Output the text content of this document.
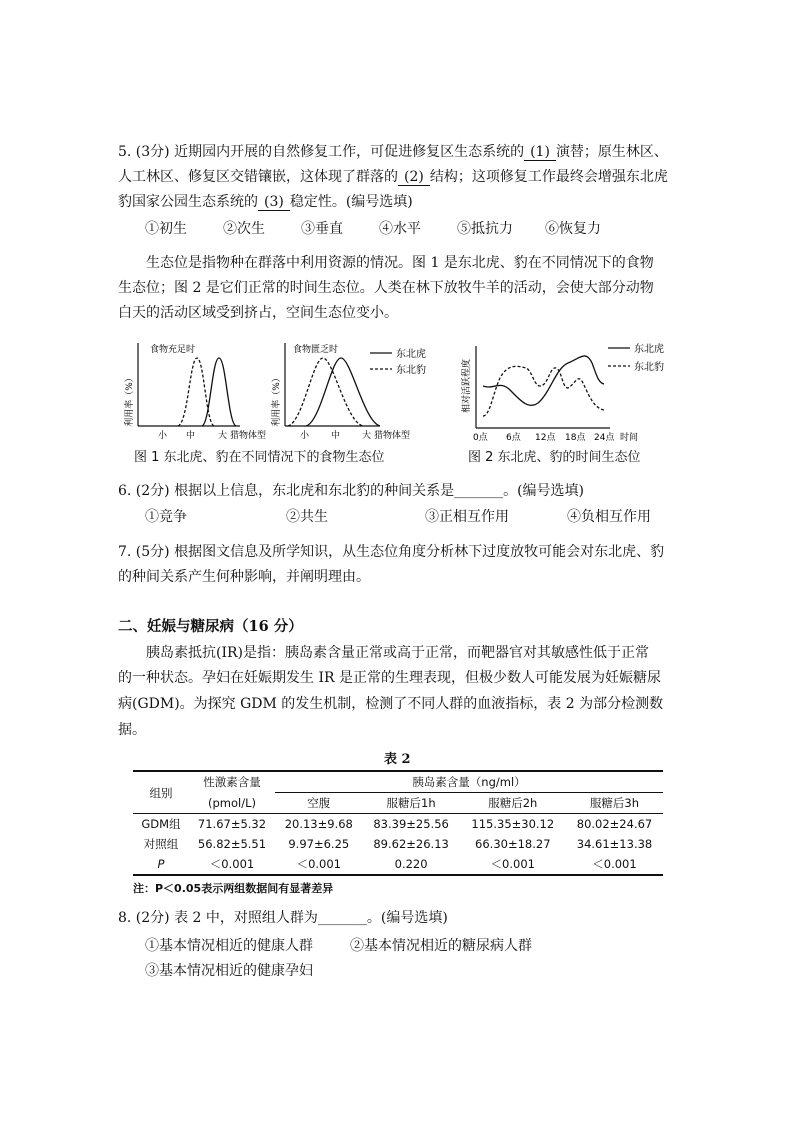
5. (3分) 近期园内开展的自然修复工作，可促进修复区生态系统的 (1) 演替；原生林区、
人工林区、修复区交错镶嵌，这体现了群落的 (2) 结构；这项修复工作最终会增强东北虎
豹国家公园生态系统的 (3) 稳定性。(编号选填)
①初生	②次生	③垂直	④水平	⑤抵抗力 ⑥恢复力
生态位是指物种在群落中利用资源的情况。图 1 是东北虎、豹在不同情况下的食物
生态位；图 2 是它们正常的时间生态位。人类在林下放牧牛羊的活动，会使大部分动物
白天的活动区域受到挤占，空间生态位变小。
利用率（%）
食物充足时
小 中	大 猎物体型
利用率（%）
食物匮乏时
小 中 大 猎物体型
东北虎
东北豹
图 1 东北虎、豹在不同情况下的食物生态位
相对活跃程度
0点 6点 12点 18点 24点 时间
东北虎
东北豹
图 2 东北虎、豹的时间生态位
6. (2分) 根据以上信息，东北虎和东北豹的种间关系是_______。(编号选填)
①竞争	②共生	③正相互作用	④负相互作用
7. (5分) 根据图文信息及所学知识，从生态位角度分析林下过度放牧可能会对东北虎、豹
的种间关系产生何种影响，并阐明理由。
二、妊娠与糖尿病（16 分）
胰岛素抵抗(IR)是指：胰岛素含量正常或高于正常，而靶器官对其敏感性低于正常
的一种状态。孕妇在妊娠期发生 IR 是正常的生理表现，但极少数人可能发展为妊娠糖尿
病(GDM)。为探究 GDM 的发生机制，检测了不同人群的血液指标，表 2 为部分检测数
据。
表 2
组别	性激素含量	胰岛素含量（ng/ml）			
	(pmol/L)	空腹	服糖后1h	服糖后2h	服糖后3h
GDM组	71.67±5.32	20.13±9.68	83.39±25.56	115.35±30.12	80.02±24.67
对照组	56.82±5.51	9.97±6.25	89.62±26.13	66.30±18.27	34.61±13.38
P	＜0.001	＜0.001	0.220	＜0.001	＜0.001
注：P＜0.05表示两组数据间有显著差异
8. (2分) 表 2 中，对照组人群为_______。(编号选填)
①基本情况相近的健康人群	②基本情况相近的糖尿病人群
③基本情况相近的健康孕妇
